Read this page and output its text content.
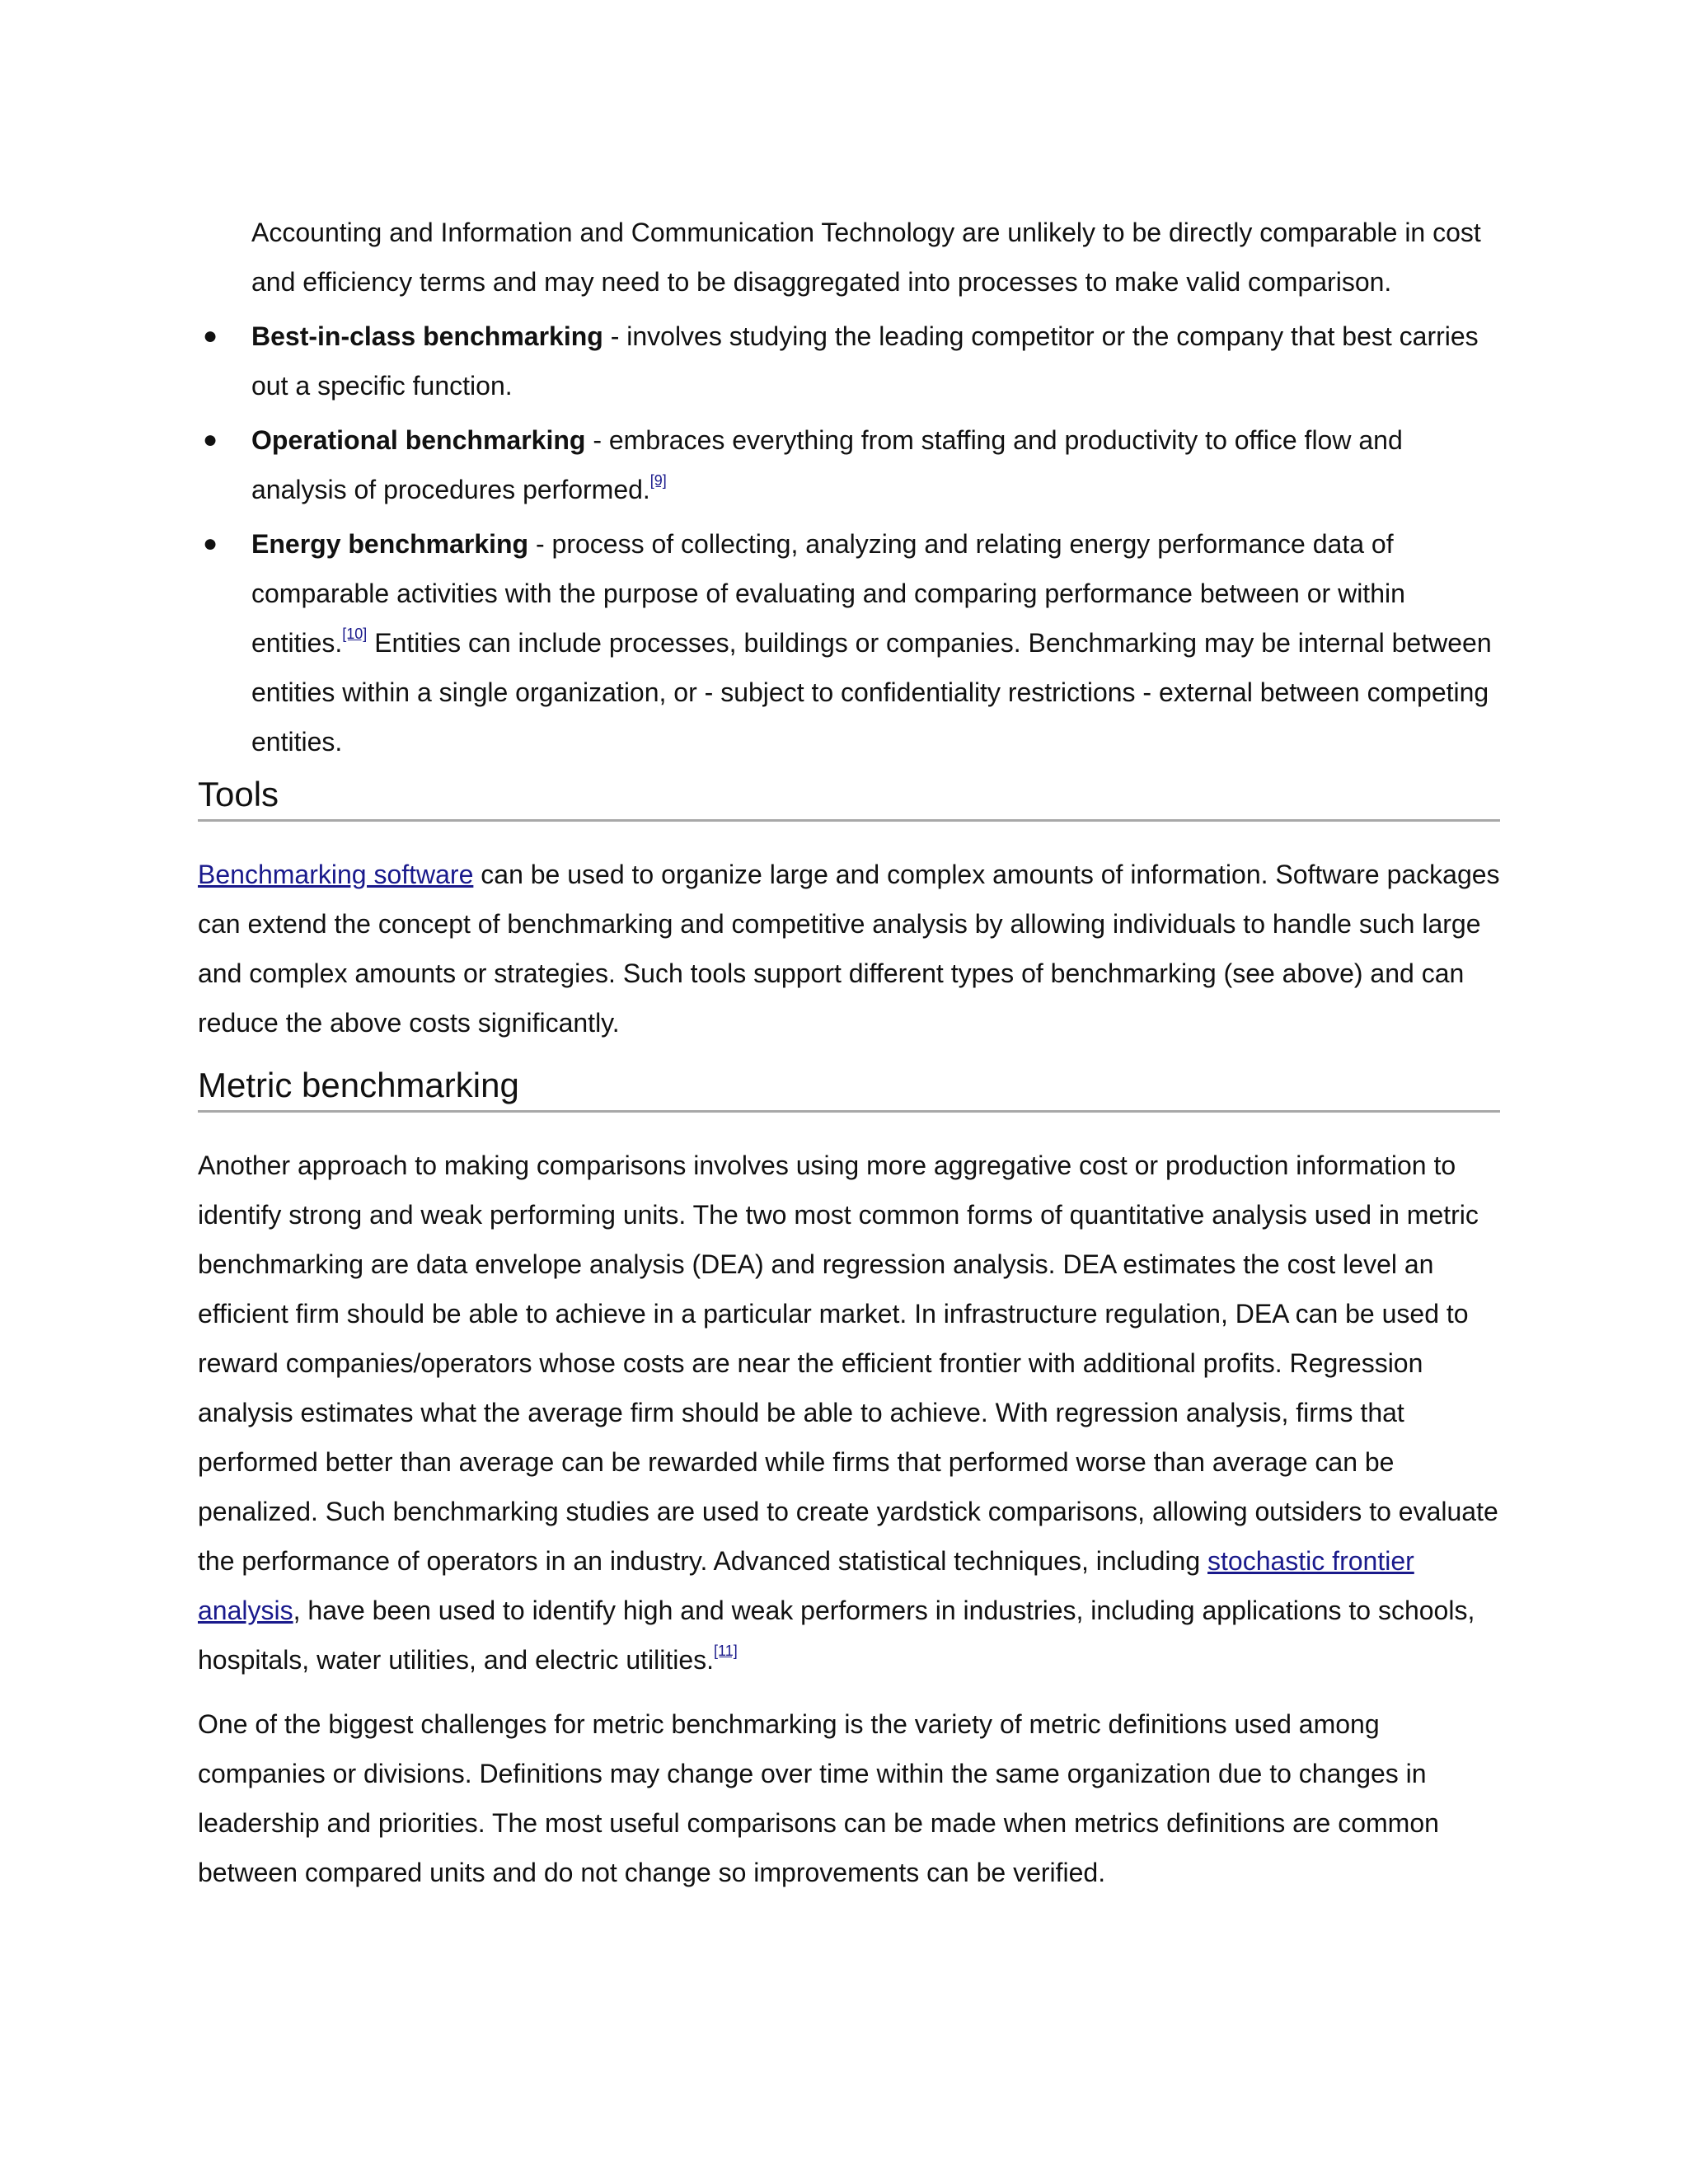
Accounting and Information and Communication Technology are unlikely to be directly comparable in cost and efficiency terms and may need to be disaggregated into processes to make valid comparison.

● Best-in-class benchmarking - involves studying the leading competitor or the company that best carries out a specific function.
● Operational benchmarking - embraces everything from staffing and productivity to office flow and analysis of procedures performed.[9]
● Energy benchmarking - process of collecting, analyzing and relating energy performance data of comparable activities with the purpose of evaluating and comparing performance between or within entities.[10] Entities can include processes, buildings or companies. Benchmarking may be internal between entities within a single organization, or - subject to confidentiality restrictions - external between competing entities.
Tools

Benchmarking software can be used to organize large and complex amounts of information. Software packages can extend the concept of benchmarking and competitive analysis by allowing individuals to handle such large and complex amounts or strategies. Such tools support different types of benchmarking (see above) and can reduce the above costs significantly.

Metric benchmarking

Another approach to making comparisons involves using more aggregative cost or production information to identify strong and weak performing units. The two most common forms of quantitative analysis used in metric benchmarking are data envelope analysis (DEA) and regression analysis. DEA estimates the cost level an efficient firm should be able to achieve in a particular market. In infrastructure regulation, DEA can be used to reward companies/operators whose costs are near the efficient frontier with additional profits. Regression analysis estimates what the average firm should be able to achieve. With regression analysis, firms that performed better than average can be rewarded while firms that performed worse than average can be penalized. Such benchmarking studies are used to create yardstick comparisons, allowing outsiders to evaluate the performance of operators in an industry. Advanced statistical techniques, including stochastic frontier analysis, have been used to identify high and weak performers in industries, including applications to schools, hospitals, water utilities, and electric utilities.[11]

One of the biggest challenges for metric benchmarking is the variety of metric definitions used among companies or divisions. Definitions may change over time within the same organization due to changes in leadership and priorities. The most useful comparisons can be made when metrics definitions are common between compared units and do not change so improvements can be verified.
